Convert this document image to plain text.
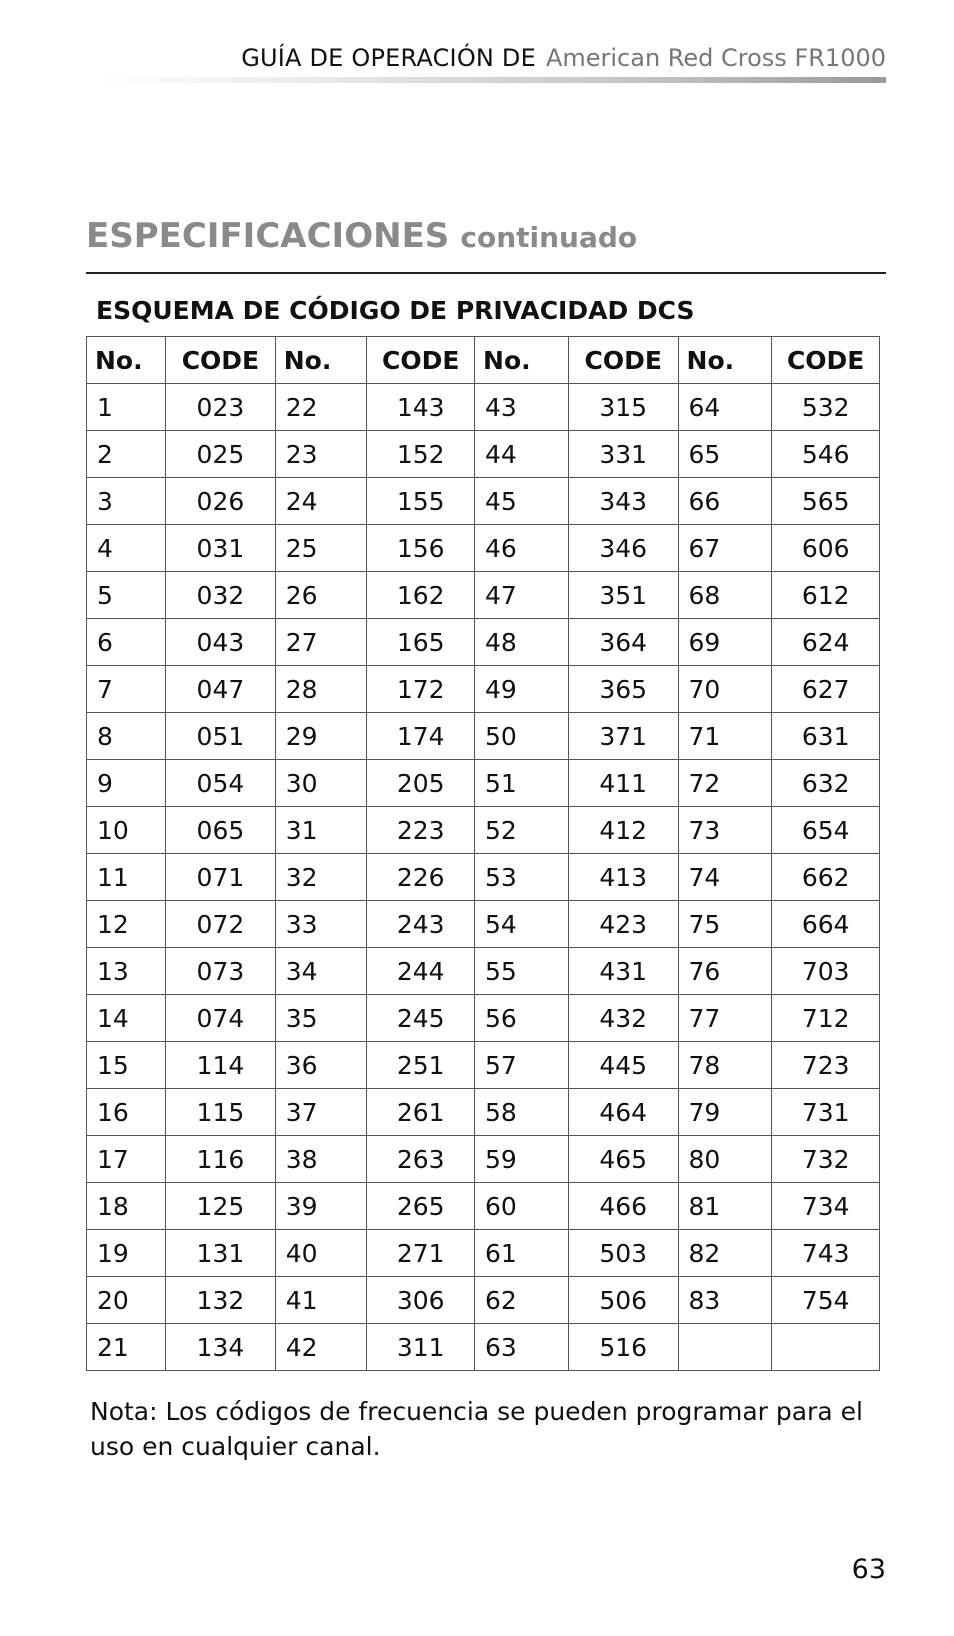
GUÍA DE OPERACIÓN DE American Red Cross FR1000
ESPECIFICACIONES continuado
ESQUEMA DE CÓDIGO DE PRIVACIDAD DCS
No.	CODE	No.	CODE	No.	CODE	No.	CODE
1	023	22	143	43	315	64	532
2	025	23	152	44	331	65	546
3	026	24	155	45	343	66	565
4	031	25	156	46	346	67	606
5	032	26	162	47	351	68	612
6	043	27	165	48	364	69	624
7	047	28	172	49	365	70	627
8	051	29	174	50	371	71	631
9	054	30	205	51	411	72	632
10	065	31	223	52	412	73	654
11	071	32	226	53	413	74	662
12	072	33	243	54	423	75	664
13	073	34	244	55	431	76	703
14	074	35	245	56	432	77	712
15	114	36	251	57	445	78	723
16	115	37	261	58	464	79	731
17	116	38	263	59	465	80	732
18	125	39	265	60	466	81	734
19	131	40	271	61	503	82	743
20	132	41	306	62	506	83	754
21	134	42	311	63	516		
Nota: Los códigos de frecuencia se pueden programar para el uso en cualquier canal.
63
